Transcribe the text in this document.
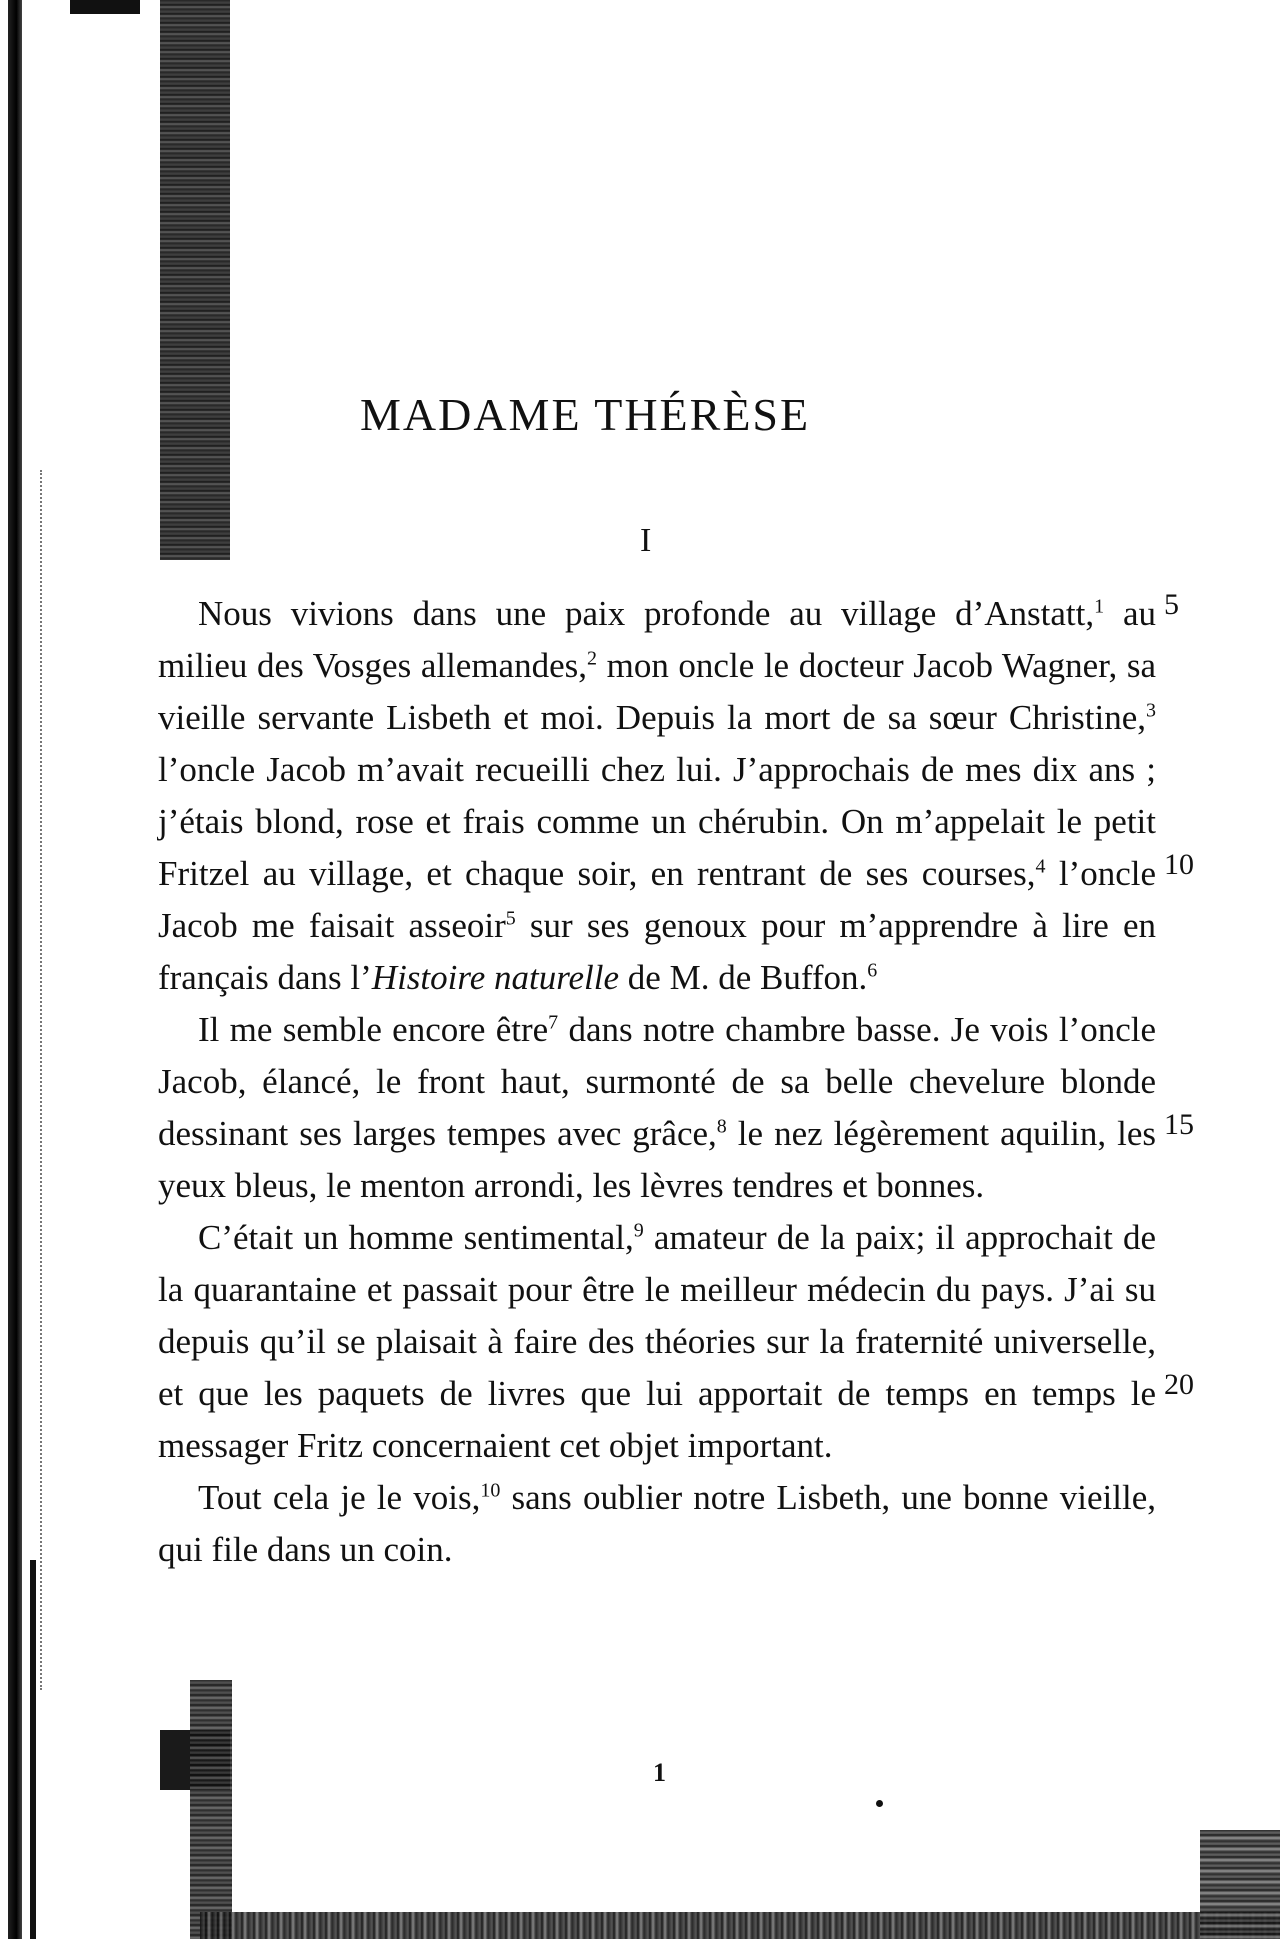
MADAME THÉRÈSE
I

Nous vivions dans une paix profonde au village d’Anstatt,$^1$ au milieu des Vosges allemandes,$^2$ mon oncle le docteur Jacob Wagner, sa vieille servante Lisbeth et moi. Depuis la mort de sa sœur Christine,$^3$ l’oncle Jacob m’avait recueilli chez lui. J’approchais de mes dix ans ; j’étais blond, rose et frais comme un chérubin. On m’appelait le petit Fritzel au village, et chaque soir, en rentrant de ses courses,$^4$ l’oncle Jacob me faisait asseoir$^5$ sur ses genoux pour m’apprendre à lire en français dans l’Histoire naturelle de M. de Buffon.$^6$

Il me semble encore être$^7$ dans notre chambre basse. Je vois l’oncle Jacob, élancé, le front haut, surmonté de sa belle chevelure blonde dessinant ses larges tempes avec grâce,$^8$ le nez légèrement aquilin, les yeux bleus, le menton arrondi, les lèvres tendres et bonnes.

C’était un homme sentimental,$^9$ amateur de la paix; il approchait de la quarantaine et passait pour être le meilleur médecin du pays. J’ai su depuis qu’il se plaisait à faire des théories sur la fraternité universelle, et que les paquets de livres que lui apportait de temps en temps le messager Fritz concernaient cet objet important.

Tout cela je le vois,$^{10}$ sans oublier notre Lisbeth, une bonne vieille, qui file dans un coin.

5
10
15
20
1
